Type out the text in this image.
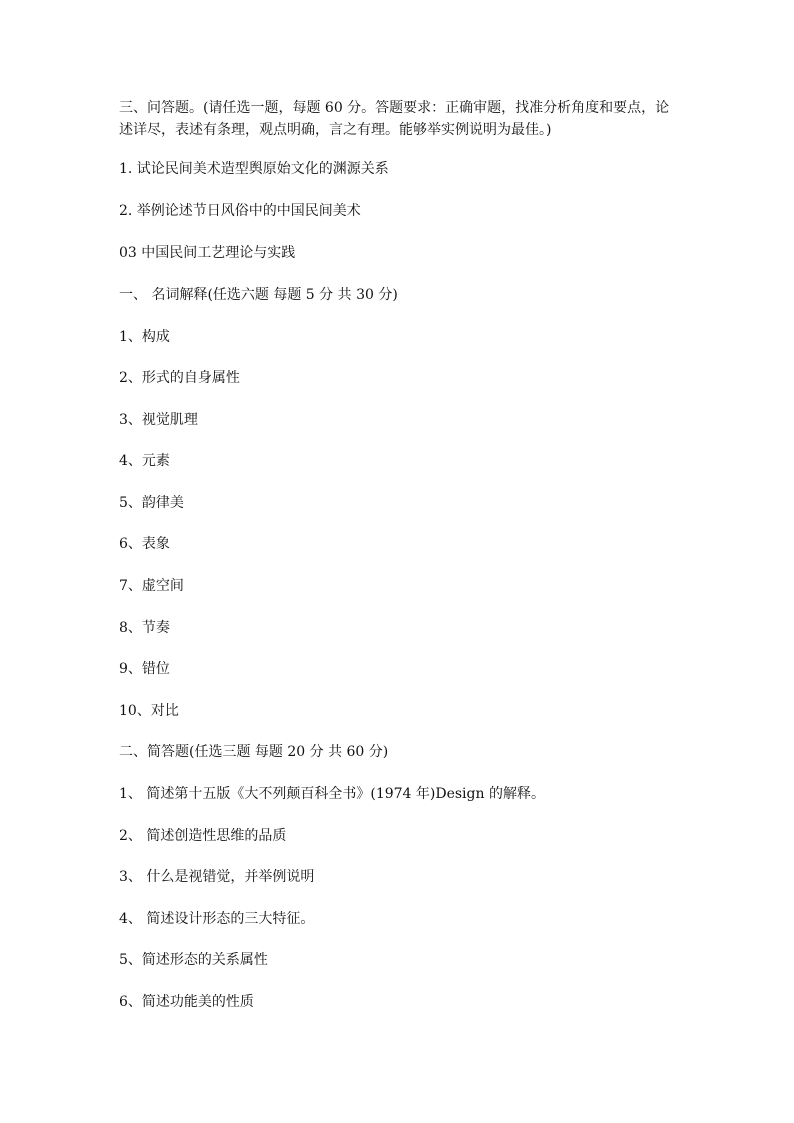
三、问答题。(请任选一题，每题 60 分。答题要求：正确审题，找准分析角度和要点，论
述详尽，表述有条理，观点明确，言之有理。能够举实例说明为最佳。)
1. 试论民间美术造型舆原始文化的渊源关系
2. 举例论述节日风俗中的中国民间美术
03 中国民间工艺理论与实践
一、 名词解释(任选六题 每题 5 分 共 30 分)
1、构成
2、形式的自身属性
3、视觉肌理
4、元素
5、韵律美
6、表象
7、虚空间
8、节奏
9、错位
10、对比
二、简答题(任选三题 每题 20 分 共 60 分)
1、 简述第十五版《大不列颠百科全书》(1974 年)Design 的解释。
2、 简述创造性思维的品质
3、 什么是视错觉，并举例说明
4、 简述设计形态的三大特征。
5、简述形态的关系属性
6、简述功能美的性质
